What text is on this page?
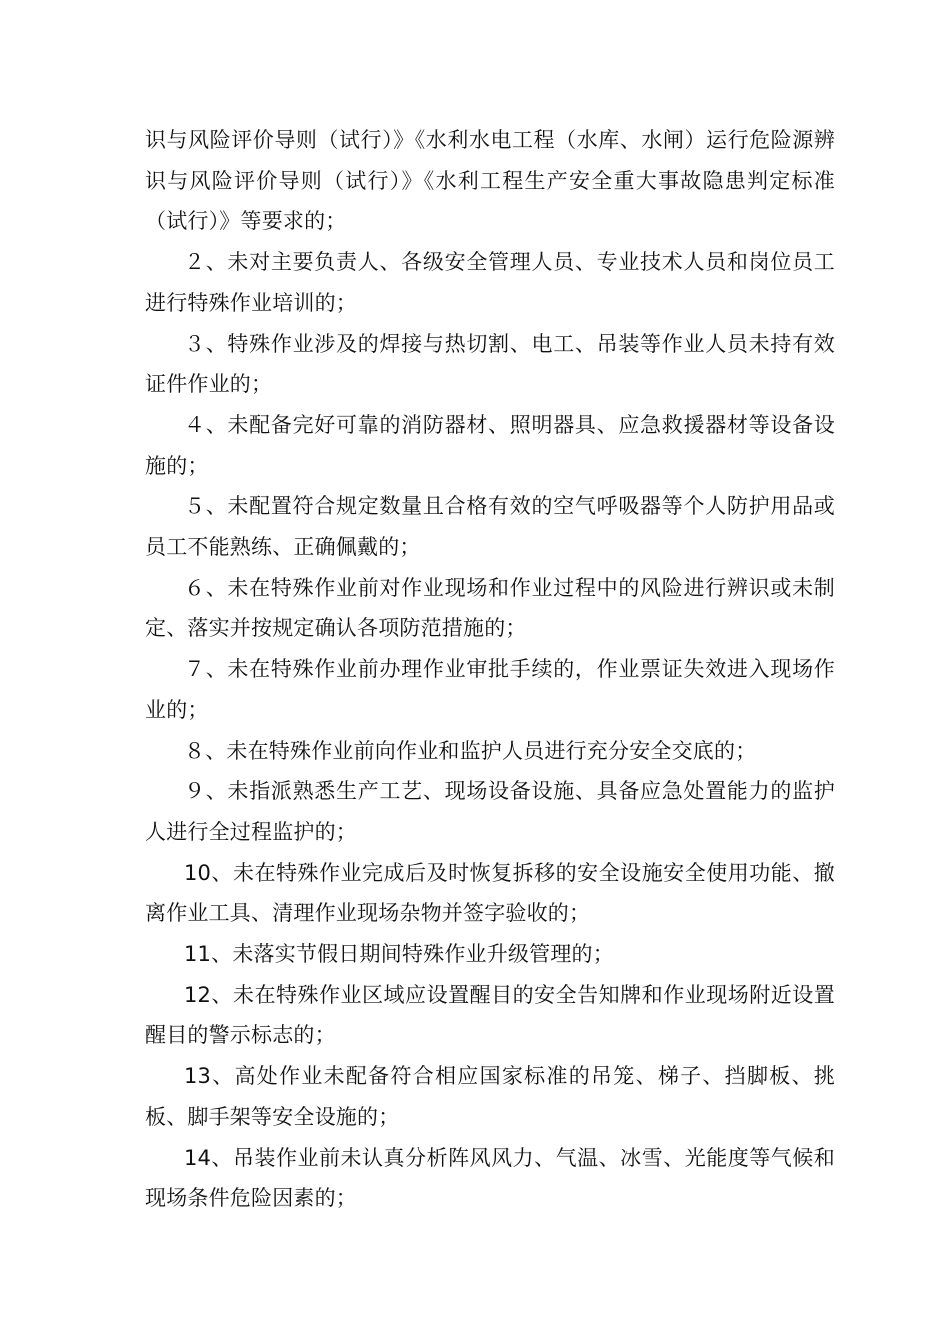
识与风险评价导则（试行）》《水利水电工程（水库、水闸）运行危险源辨识与风险评价导则（试行）》《水利工程生产安全重大事故隐患判定标准（试行）》等要求的；

２、未对主要负责人、各级安全管理人员、专业技术人员和岗位员工进行特殊作业培训的；

３、特殊作业涉及的焊接与热切割、电工、吊装等作业人员未持有效证件作业的；

４、未配备完好可靠的消防器材、照明器具、应急救援器材等设备设施的；

５、未配置符合规定数量且合格有效的空气呼吸器等个人防护用品或员工不能熟练、正确佩戴的；

６、未在特殊作业前对作业现场和作业过程中的风险进行辨识或未制定、落实并按规定确认各项防范措施的；

７、未在特殊作业前办理作业审批手续的，作业票证失效进入现场作业的；

８、未在特殊作业前向作业和监护人员进行充分安全交底的；

９、未指派熟悉生产工艺、现场设备设施、具备应急处置能力的监护人进行全过程监护的；

10、未在特殊作业完成后及时恢复拆移的安全设施安全使用功能、撤离作业工具、清理作业现场杂物并签字验收的；

11、未落实节假日期间特殊作业升级管理的；

12、未在特殊作业区域应设置醒目的安全告知牌和作业现场附近设置醒目的警示标志的；

13、高处作业未配备符合相应国家标准的吊笼、梯子、挡脚板、挑板、脚手架等安全设施的；

14、吊装作业前未认真分析阵风风力、气温、冰雪、光能度等气候和现场条件危险因素的；
